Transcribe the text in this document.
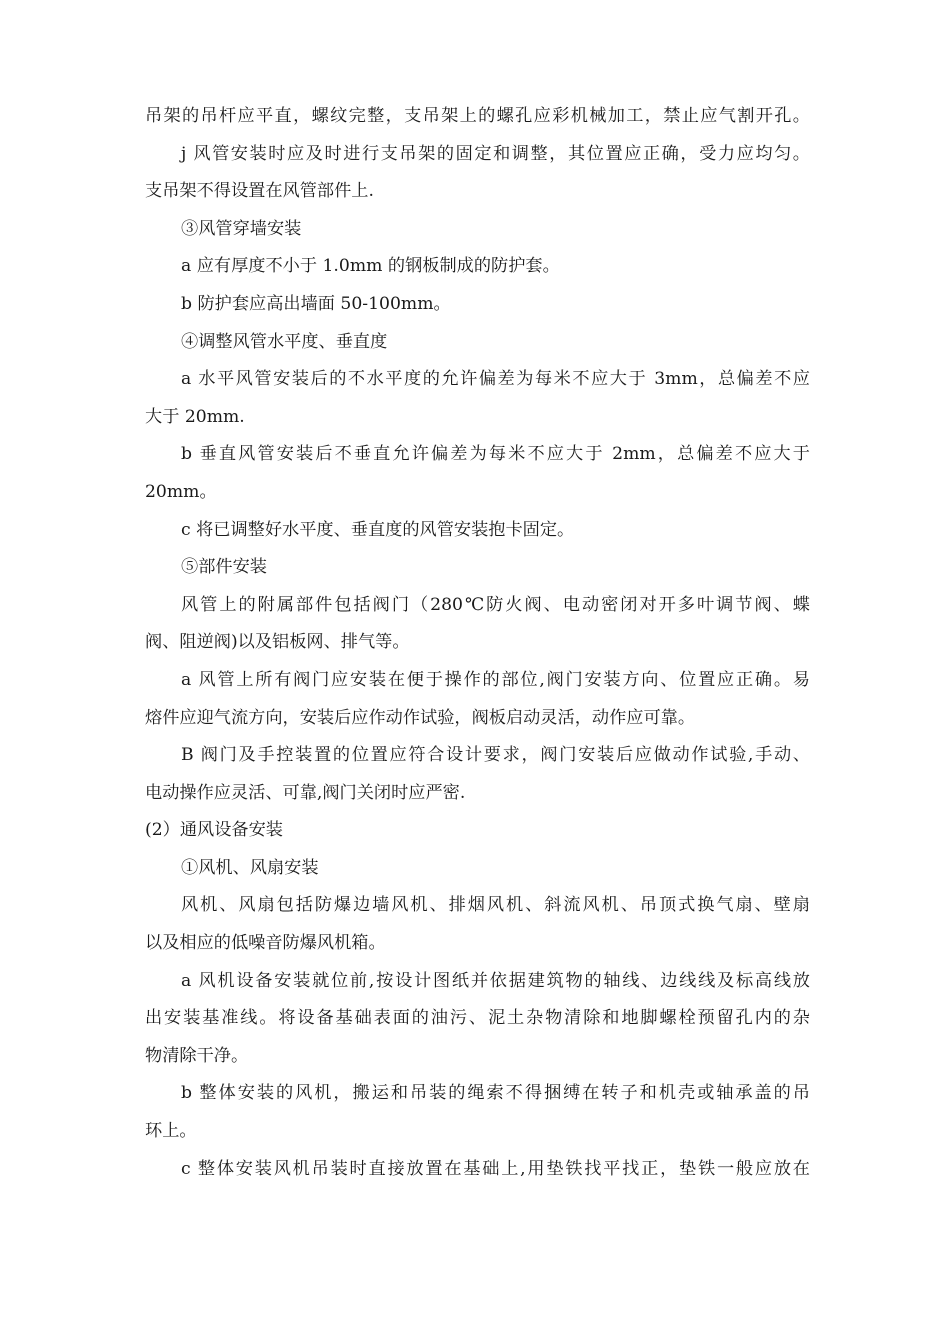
吊架的吊杆应平直，螺纹完整，支吊架上的螺孔应彩机械加工，禁止应气割开孔。
j 风管安装时应及时进行支吊架的固定和调整，其位置应正确，受力应均匀。
支吊架不得设置在风管部件上.
③风管穿墙安装
a 应有厚度不小于 1.0mm 的钢板制成的防护套。
b 防护套应高出墙面 50-100mm。
④调整风管水平度、垂直度
a 水平风管安装后的不水平度的允许偏差为每米不应大于 3mm，总偏差不应
大于 20mm.
b 垂直风管安装后不垂直允许偏差为每米不应大于 2mm，总偏差不应大于
20mm。
c 将已调整好水平度、垂直度的风管安装抱卡固定。
⑤部件安装
风管上的附属部件包括阀门（280℃防火阀、电动密闭对开多叶调节阀、蝶
阀、阻逆阀)以及铝板网、排气等。
a 风管上所有阀门应安装在便于操作的部位,阀门安装方向、位置应正确。易
熔件应迎气流方向，安装后应作动作试验，阀板启动灵活，动作应可靠。
B 阀门及手控装置的位置应符合设计要求，阀门安装后应做动作试验,手动、
电动操作应灵活、可靠,阀门关闭时应严密.
(2）通风设备安装
①风机、风扇安装
风机、风扇包括防爆边墙风机、排烟风机、斜流风机、吊顶式换气扇、壁扇
以及相应的低噪音防爆风机箱。
a 风机设备安装就位前,按设计图纸并依据建筑物的轴线、边线线及标高线放
出安装基准线。将设备基础表面的油污、泥土杂物清除和地脚螺栓预留孔内的杂
物清除干净。
b 整体安装的风机，搬运和吊装的绳索不得捆缚在转子和机壳或轴承盖的吊
环上。
c 整体安装风机吊装时直接放置在基础上,用垫铁找平找正，垫铁一般应放在
